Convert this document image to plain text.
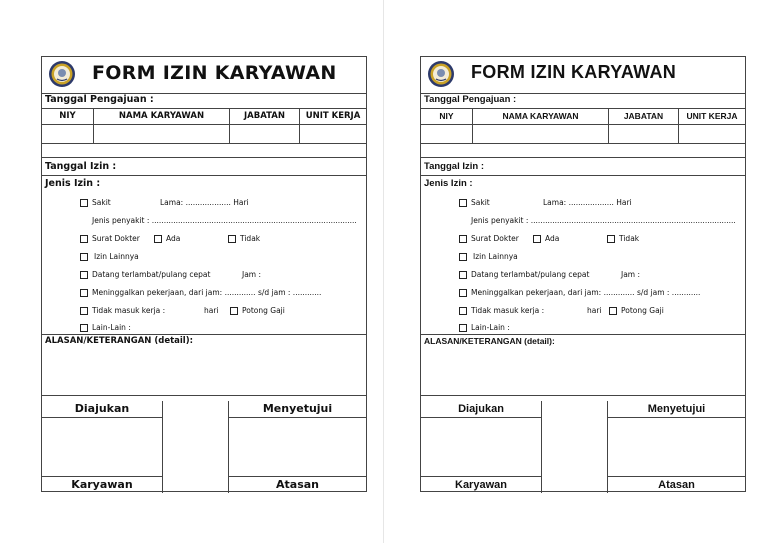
FORM IZIN KARYAWAN
Tanggal Pengajuan :
NIY	NAMA KARYAWAN	JABATAN	UNIT KERJA
Tanggal Izin :
Jenis Izin :
Sakit	Lama: ................... Hari
Jenis penyakit : ......................................................................................
Surat Dokter	Ada	Tidak
Izin Lainnya
Datang terlambat/pulang cepat	Jam :
Meninggalkan pekerjaan, dari jam: ............. s/d jam : ............
Tidak masuk kerja :	hari	Potong Gaji
Lain-Lain :
ALASAN/KETERANGAN (detail):
Diajukan
Karyawan
Menyetujui
Atasan
FORM IZIN KARYAWAN
Tanggal Pengajuan :
NIY	NAMA KARYAWAN	JABATAN	UNIT KERJA
Tanggal Izin :
Jenis Izin :
Sakit	Lama: ................... Hari
Jenis penyakit : ......................................................................................
Surat Dokter	Ada	Tidak
Izin Lainnya
Datang terlambat/pulang cepat	Jam :
Meninggalkan pekerjaan, dari jam: ............. s/d jam : ............
Tidak masuk kerja :	hari	Potong Gaji
Lain-Lain :
ALASAN/KETERANGAN (detail):
Diajukan
Karyawan
Menyetujui
Atasan
